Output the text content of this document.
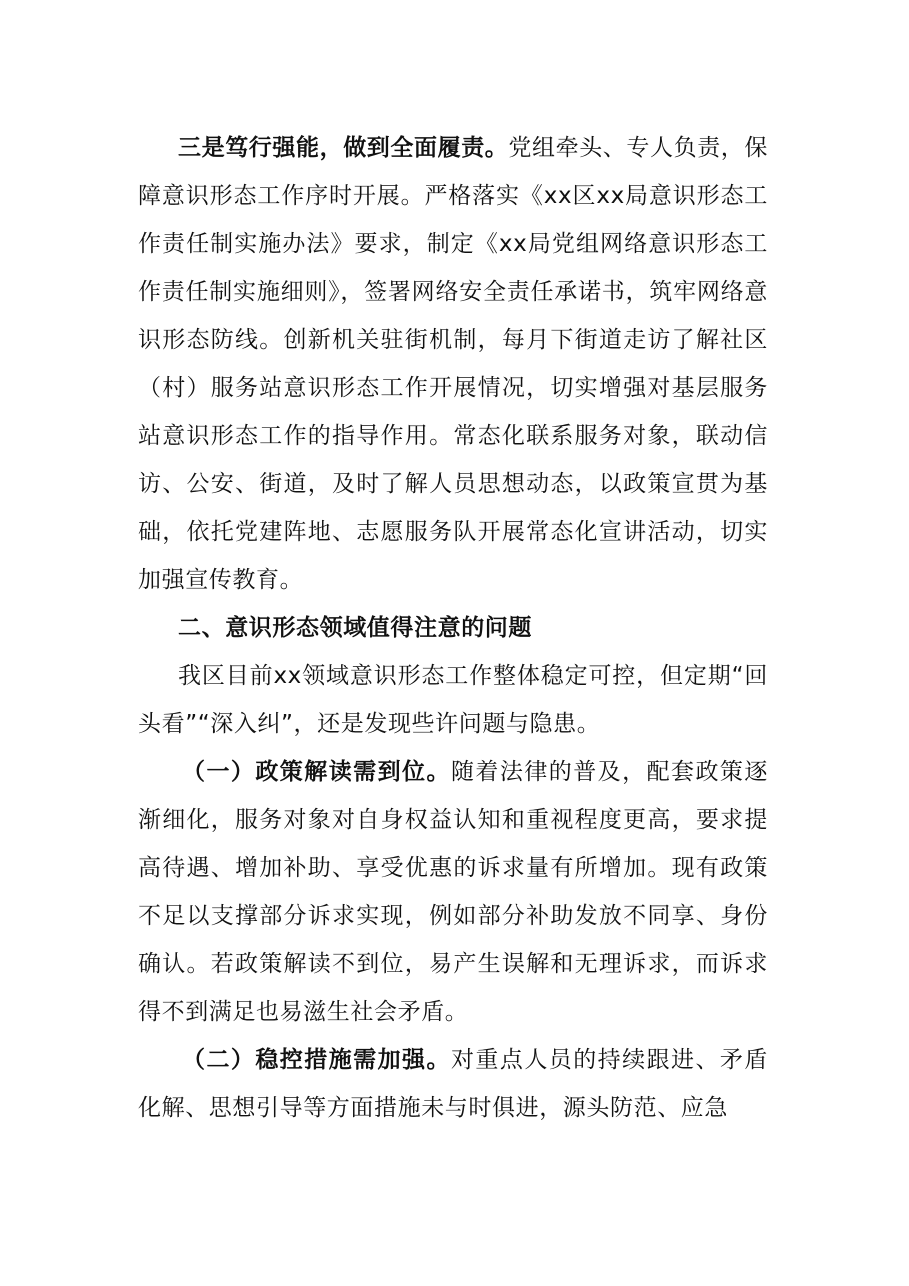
三是笃行强能，做到全面履责。党组牵头、专人负责，保障意识形态工作序时开展。严格落实《xx区xx局意识形态工作责任制实施办法》要求，制定《xx局党组网络意识形态工作责任制实施细则》，签署网络安全责任承诺书，筑牢网络意识形态防线。创新机关驻街机制，每月下街道走访了解社区（村）服务站意识形态工作开展情况，切实增强对基层服务站意识形态工作的指导作用。常态化联系服务对象，联动信访、公安、街道，及时了解人员思想动态，以政策宣贯为基础，依托党建阵地、志愿服务队开展常态化宣讲活动，切实加强宣传教育。

二、意识形态领域值得注意的问题

我区目前xx领域意识形态工作整体稳定可控，但定期“回头看”“深入纠”，还是发现些许问题与隐患。

（一）政策解读需到位。随着法律的普及，配套政策逐渐细化，服务对象对自身权益认知和重视程度更高，要求提高待遇、增加补助、享受优惠的诉求量有所增加。现有政策不足以支撑部分诉求实现，例如部分补助发放不同享、身份确认。若政策解读不到位，易产生误解和无理诉求，而诉求得不到满足也易滋生社会矛盾。

（二）稳控措施需加强。对重点人员的持续跟进、矛盾化解、思想引导等方面措施未与时俱进，源头防范、应急
